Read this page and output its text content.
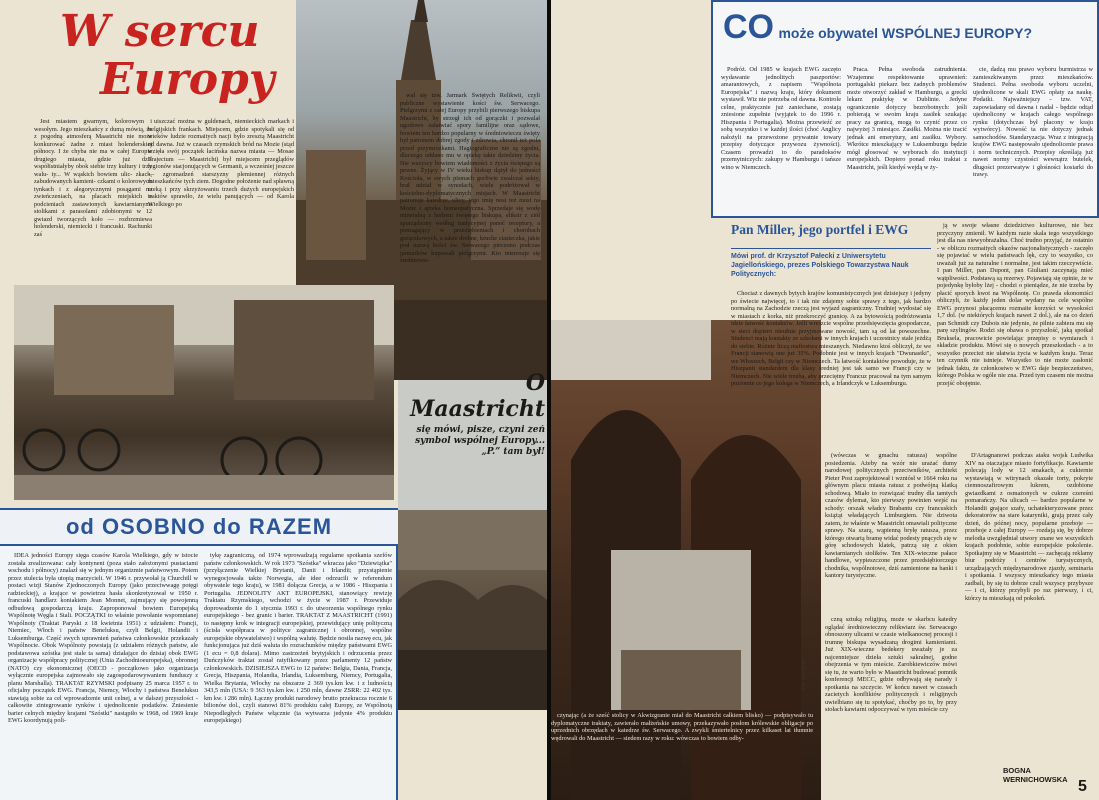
W sercu
Europy

Jest miastem gwarnym, kolorowym i wesołym. Jego mieszkańcy z dumą mówią, że z pogodną atmosferą Maastricht nie może konkurować żadne z miast holenderskiej północy. I że chyba nie ma w całej Europie drugiego miasta, gdzie już dziś współistniałyby obok siebie trzy kultury i trzy walu- ty... W wąskich bowiem ulic- zkach, zabudowanych kamieni- czkami o kolorowych tynkach i z alegorycznymi posągami na zwieńczeniach, na placach miejskich o podcieniach zastawionych kawiarnianymi stolikami z parasolami zdobionymi w 12 gwiazd tworzących koło — rozbrzmiewa holenderski, niemiecki i francuski. Rachunki zaś

uiszczać można w guldenach, niemieckich markach i belgijskich frankach. Miejscem, gdzie spotykali się od wieków ludzie rozmaitych nacji było zresztą Maastricht od dawna. Już w czasach rzymskich bród na Mozie (stąd wzięła swój początek łacińska nazwa miasta — Mosae Trajectum — Maastricht) był miejscem przeglądów legionów stacjonujących w Germanii, a wcześniej jeszcze — zgromadzeń starszyzny plemiennej różnych mieszkańców tych ziem. Dogodne położenie nad spławną rzeką i przy skrzyżowaniu trzech dużych europejskich traktów sprawiło, że wielu panujących — od Karola Wielkiego po

wał się tzw. Jarmark Świętych Relikwii, czyli publiczne wystawienie kości św. Serwacego. Pielgrzymi z całej Europy przybili pierwszego biskupa Maastricht, by strzegł ich od gorączki i pozwalał ugodowo załatwiać spory familijne oraz sądowe, bowiem ten bardzo popularny w średniowieczu święty był patronem dobrej zgody i zdrowia, chronił też pola przed przymrozkami. Hagiograficzne nie są zgodni, dlaczego oddano mu w opiekę takie dziedziny życia. Nie wszyscy bowiem wiadomości z życia świętego są pewne. Żyjący w IV wieku biskup dążył do jedności Kościoła, w swych pismach gorliwie zwalczał sekty, brał udział w synodach, wiele podróżował w kościelno-dyplomatycznych misjach. W Maastricht patronuje katedrze, ulicy, jego imię nosi też most na Mozie i apteka homeopatyczna. Sprzedaje się wodę mineralną z herbem świętego biskupa, eliksir z ziół sporządzony według tradycyjnej ponoć receptury, a pomagający w przeziębieniach i chorobach gorączkowych, a także drobne, kruche ciasteczka, jakie pod nazwą kości św. Serwacego pieczono podczas jarmarków kupowali pielgrzymi. Kto interesuje się średniowie-

O Maastricht
się mówi, pisze, czyni zeń symbol wspólnej Europy... „P.” tam był!
od OSOBNO do RAZEM

IDEA jedności Europy sięga czasów Karola Wielkiego, gdy w istocie została zrealizowana: cały kontynent (poza stało założonymi pustaciami wschodu i północy) znalazł się w jednym organizmie państwowym. Potem przez stulecia była utopią marzycieli. W 1946 r. przywołał ją Churchill w postaci wizji Stanów Zjednoczonych Europy (jako przeciwwagę potęgi radzieckiej), a krające w powietrzu hasła skonkretyzował w 1950 r. francuski handlarz koniakiem Jean Monnet, zajmujący się powojenną odbudową gospodarczą kraju. Zaproponował bowiem Europejską Wspólnotę Węgla i Stali. POCZĄTKI to właśnie powołanie wspomnianej Wspólnoty (Traktat Paryski z 18 kwietnia 1951) z udziałem: Francji, Niemiec, Włoch i państw Beneluksu, czyli Belgii, Holandii i Luksemburga. Część swych uprawnień państwa członkowskie przekazały Wspólnocie. Obok Wspólnoty powstają (z udziałem różnych państw, ale podstawowa szóstka jest stale ta sama) działające do dzisiaj obok EWG organizacje współpracy politycznej (Unia Zachodnioeuropejska), obronnej (NATO) czy ekonomicznej (OECD - początkowo jako organizacja wyłącznie europejska zajmowało się zagospodarowywaniem funduszy z planu Marshalla). TRAKTAT RZYMSKI podpisany 25 marca 1957 r. to oficjalny początek EWG. Francja, Niemcy, Włochy i państwa Beneluksu stawiają sobie za cel wprowadzenie unii celnej, a w dalszej przyszłości - całkowite zintegrowanie rynków i ujednolicenie podatków. Zniesienie barier celnych między krajami "Szóstki" nastąpiło w 1968, od 1969 kraje EWG koordynują poli-

tykę zagraniczną, od 1974 wprowadzają regularne spotkania szefów państw członkowskich. W rok 1973 "Szóstka" wkracza jako "Dziewiątka" (przyłączenie Wielkiej Brytanii, Danii i Irlandii; przystąpienie wynegocjowała także Norwegia, ale idee odrzucili w referendum obywatele tego kraju), w 1981 dołącza Grecja, a w 1986 - Hiszpania i Portugalia. JEDNOLITY AKT EUROPEJSKI, stanowiący rewizję Traktatu Rzymskiego, wchodzi w życie w 1987 r. Przewiduje doprowadzenie do 1 stycznia 1993 r. do utworzenia wspólnego rynku europejskiego - bez granic i barier. TRAKTAT Z MAASTRICHT (1991) to następny krok w integracji europejskiej, przewidujący unię polityczną (ścisła współpraca w polityce zagranicznej i obronnej, wspólne europejskie obywatelstwo) i wspólną walutę. Będzie nosiła nazwę ecu, jak funkcjonująca już dziś waluta do rozrachunków między państwami EWG (1 ecu = 0,8 dolara). Mimo zastrzeżeń brytyjskich i odrzucenia przez Duńczyków traktat został ratyfikowany przez parlamenty 12 państw członkowskich. DZISIEJSZA EWG to 12 państw: Belgia, Dania, Francja, Grecja, Hiszpania, Holandia, Irlandia, Luksemburg, Niemcy, Portugalia, Wielka Brytania, Włochy na obszarze 2 369 tys.km kw. i z ludnością 343,5 mln (USA: 9 363 tys.km kw. i 250 mln, dawne ZSRR: 22 402 tys. km kw. i 286 mln). Łączny produkt narodowy brutto przekracza rocznie 6 bilionów dol., czyli stanowi 81% produktu całej Europy, ze Wspólnotą Niepodległych Państw włącznie (ta wytwarza jedynie 4% produktu europejskiego)

CO może obywatel WSPÓLNEJ EUROPY?

Podróż. Od 1985 w krajach EWG zaczęto wydawanie jednolitych paszportów: amarantowych, z napisem "Wspólnota Europejska" i nazwą kraju, który dokument wystawił. Wiz nie potrzeba od dawna. Kontrole celne, praktycznie już zaniechane, zostają zniesione zupełnie (wyjątek to do 1996 r. Hiszpania i Portugalia). Można przewieźć ze sobą wszystko i w każdej ilości (choć Anglicy nałożyli na przewożone prywatnie towary przepisy dotyczące przywozu żywności). Czasem prowadzi to do paradoksów przemytniczych: zakupy w Hamburgu i tańsze wino w Niemczech.

Praca. Pełna swoboda zatrudnienia. Wzajemne respektowanie uprawnień: portugalski piekarz bez żadnych problemów może otworzyć zakład w Hamburgu, a grecki lekarz praktykę w Dublinie. Jedyne ograniczenie dotyczy bezrobotnych: jeśli pobierają w swoim kraju zasiłek szukając pracy za granicą, mogą to czynić przez co najwyżej 3 miesiące. Zasiłki. Można nie tracić jednak ani emerytury, ani zasiłku. Wybory. Wkrótce mieszkający w Luksemburgu będzie mógł głosować w wyborach do instytucji europejskich. Dopiero ponad roku traktat z Maastricht, jeśli kiedyś wejdą w ży-

cie, dadzą mu prawo wyboru burmistrza w zamieszkiwanym przez mieszkańców. Studenci. Pełna swoboda wyboru uczelni, ujednolicone w skali EWG opłaty za naukę. Podatki. Najważniejszy - tzw. VAT, zapowiadany od dawna i nadal - będzie odtąd ujednolicony w krajach całego wspólnego rynku (dotychczas był płacony w kraju wytwórcy). Nowość ta nie dotyczy jednak samochodów. Standaryzacja. Wraz z integracją krajów EWG następowało ujednolicenie prawa i norm technicznych. Przepisy określają już nawet normy czystości wewnątrz butelek, długości prezerwatyw i głośności kosiarki do trawy.

Pan Miller, jego portfel i EWG
Mówi prof. dr Krzysztof Pałecki z Uniwersytetu Jagiellońskiego, prezes Polskiego Towarzystwa Nauk Politycznych:

Chociaż z dawnych bytych krajów komunistycznych jest dzisiejszy i jedyny po świecie najwięcej, to i tak nie zdajemy sobie sprawy z tego, jak bardzo normalną na Zachodzie rzeczą jest wyjazd zagraniczny. Trudniej wydostać się w miastach z korka, niż przekroczyć granicę. A za bytowością podróżowania idzie łatwość kontaktów. Jeśli wreszcie wspólne przedsięwzięcia gospodarcze, w sieci dopiero nieufnie przyjmowane nowość, tam są od lat powszechne. Studenci mają kontakty ze szkołami w innych krajach i uczestnicy stale jeżdżą do siebie. Różnie liczą mafiostwa mieszanych. Niedawno ktoś obliczył, że we Francji stanowią one już 35%. Podobnie jest w innych krajach "Dwunastki", we Włoszech, Belgii czy w Niemczech. Ta łatwość kontaktów powoduje, że w Hiszpanii standardem dla klasy średniej jest tak samo we Francji czy w Niemczech. Nie wiele trzeba, aby przeciętny Francuz pracował na tym samym poziomie co jego kolega w Niemczech, a Irlandczyk w Luksemburgu.

ją w swoje własne dziedzictwo kulturowe, nie bez przyczyny zmienił. W każdym razie skala tego wszystkiego jest dla nas niewyobrażalna. Choć trudno przyjąć, że ostatnio - w obliczu rozmaitych okazów nacjonalistycznych - zaczęło się pojawiać w wielu państwach lęk, czy to wszystko, co uważali już za naturalne i normalne, jest takim rzeczywiście. I pan Miller, pan Dupont, pan Giuliani zaczynają mieć wątpliwości. Podstawą są rezerwy. Pojawiają się opinie, że w pojedynkę byłoby lżej - chodzi o pieniądze, że nie trzeba by płacić sporych kwot na Wspólnotę. Co prawda ekonomiści obliczyli, że każdy jeden dolar wydany na cele wspólne EWG przynosi płacącemu rozmaite korzyści w wysokości 1,7 dol. (w niektórych krajach nawet 2 dol.), ale na co dzień pan Schmidt czy Dubois nie jedynie, że pilnie zabiera mu się parę szylingów. Rodzi się obawa o przyszłość, jaką spotkał Bruksela, pracowicie powielając przepisy o wymiarach i składzie produktu. Mówi się o nowych przeszkodach - a to wszystko przecież nie ułatwia życia w każdym kraju. Teraz ten czynnik nie istnieje. Wszystko to nie może zasłonić jednak faktu, że członkostwo w EWG daje bezpieczeństwo, którego Polska w ogóle nie zna. Przed tym czasem nie można przejść obojętnie.

(wówczas w gmachu ratusza) wspólne posiedzenia. Ażeby na wzór nie urażać dumy narodowej politycznych przeciwników, architekt Pieter Post zaprojektował i wzniósł w 1664 roku na głównym placu miasta ratusz z podwójną klatką schodową. Miało to rozwiązać trudny dla tamtych czasów dylemat, kto pierwszy powinien wejść na schody: orszak władcy Brabantu czy francuskich książąt władających Limburgiem. Nie dziwota zatem, że właśnie w Maastricht omawiali polityczne sprawy. Na szarą, wąpienną bryłę ratusza, przez którego otwartą bramę widać podesty pnących się w górę schodowych klatek, patrzą się z okien kawiarnianych stolików. Ten XIX-wieczne pałace handlowe, wypieszczone przez przedsiębiorczego chodnika, wspólnotowe, dziś zamienione na banki i kantory turystyczne.

czną sztuką religijną, może w skarbcu katedry oglądać średniowieczny relikwiarz św. Serwacego obnoszony ulicami w czasie wielkanocnej procesji i trumnę biskupa wysadzaną drogimi kamieniami. Już XIX-wieczne bedekery uważały je za najcenniejsze dzieła sztuki sakralnej, godne obejrzenia w tym mieście. Zarobkiewiczów mówi się tu, że warto było w Maastricht budować pomnik konferencji MECC, gdzie odbywają się narady i spotkania na szczycie. W końcu nawet w czasach zacietych konfliktów politycznych i religijnych uwielbiano się tu spotykać, choćby po to, by przy stołach kawiarni odpoczywać w tym mieście czy

D'Artagnanowi podczas ataku wojsk Ludwika XIV na otaczające miasto fortyfikacje. Kawiarnie polecają lody w 12 smakach, a cukiernie wystawiają w witrynach okazałe torty, pokryte ciemnoszafirowym lukrem, ozdobione gwiazdkami z osmażonych w cukrze czereśni pomarańczy. Na ulicach — bardzo popularne w Holandii grające szafy, uchatekteryzowane przez dekoratorów na stare kataryniki, grają przez cały dzień, do późnej nocy, popularne przeboje — przeboje z całej Europy — rozdają się, by dobrze melodia uwzględniał utwory znane we wszystkich krajach podobnie, sobie europejskie pokolenie. Spotkajmy się w Maastricht — zachęcają reklamy biur podróży i centrów turystycznych, urządzających międzynarodowe zjazdy, seminaria i spotkania. I wszyscy mieszkańcy tego miasta zadbali, by się tu dobrze czuli wszyscy przybysze — i ci, którzy przybyli po raz pierwszy, i ci, którzy tu mieszkają od pokoleń.

czynając (a że sześć stolicy w Akwizgranie miał do Maastricht całkiem blisko) — podpisywało tu dyplomatyczne traktaty, zawierało małżeńskie umowy, przekazywało posłom królewskie obligacje po uprzednich obrzędach w katedrze św. Serwacego. A zwykli śmiertelnicy przez kilkaset lat tłumnie wędrowali do Maastricht — siedem razy w roku: wówczas to bowiem odby-

Fot. Jan Rych
BOGNA WERNICHOWSKA 5
